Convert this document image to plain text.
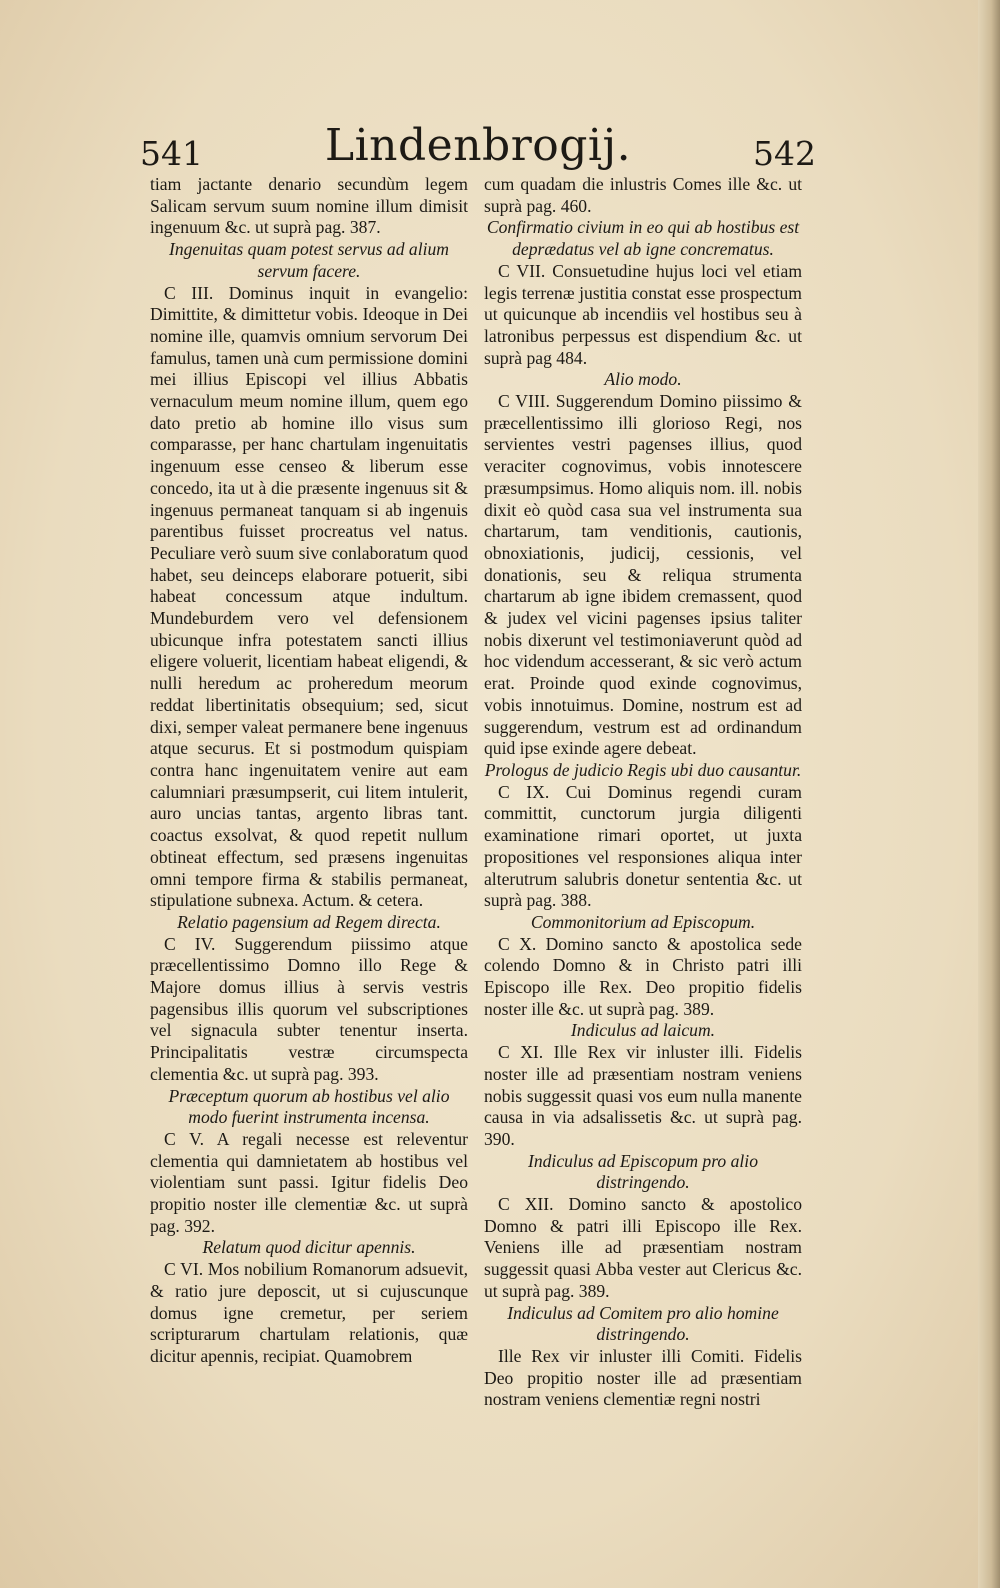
541	Lindenbrogij.	542

tiam jactante denario secundùm legem Salicam servum suum nomine illum dimisit ingenuum &c. ut suprà pag. 387.

Ingenuitas quam potest servus ad alium servum facere.

C III. Dominus inquit in evangelio: Dimittite, & dimittetur vobis. Ideoque in Dei nomine ille, quamvis omnium servorum Dei famulus, tamen unà cum permissione domini mei illius Episcopi vel illius Abbatis vernaculum meum nomine illum, quem ego dato pretio ab homine illo visus sum comparasse, per hanc chartulam ingenuitatis ingenuum esse censeo & liberum esse concedo, ita ut à die præsente ingenuus sit & ingenuus permaneat tanquam si ab ingenuis parentibus fuisset procreatus vel natus. Peculiare verò suum sive conlaboratum quod habet, seu deinceps elaborare potuerit, sibi habeat concessum atque indultum. Mundeburdem vero vel defensionem ubicunque infra potestatem sancti illius eligere voluerit, licentiam habeat eligendi, & nulli heredum ac proheredum meorum reddat libertinitatis obsequium; sed, sicut dixi, semper valeat permanere bene ingenuus atque securus. Et si postmodum quispiam contra hanc ingenuitatem venire aut eam calumniari præsumpserit, cui litem intulerit, auro uncias tantas, argento libras tant. coactus exsolvat, & quod repetit nullum obtineat effectum, sed præsens ingenuitas omni tempore firma & stabilis permaneat, stipulatione subnexa. Actum. & cetera.

Relatio pagensium ad Regem directa.

C IV. Suggerendum piissimo atque præcellentissimo Domno illo Rege & Majore domus illius à servis vestris pagensibus illis quorum vel subscriptiones vel signacula subter tenentur inserta. Principalitatis vestræ circumspecta clementia &c. ut suprà pag. 393.

Præceptum quorum ab hostibus vel alio modo fuerint instrumenta incensa.

C V. A regali necesse est releventur clementia qui damnietatem ab hostibus vel violentiam sunt passi. Igitur fidelis Deo propitio noster ille clementiæ &c. ut suprà pag. 392.

Relatum quod dicitur apennis.

C VI. Mos nobilium Romanorum adsuevit, & ratio jure deposcit, ut si cujuscunque domus igne cremetur, per seriem scripturarum chartulam relationis, quæ dicitur apennis, recipiat. Quamobrem

cum quadam die inlustris Comes ille &c. ut suprà pag. 460.

Confirmatio civium in eo qui ab hostibus est deprædatus vel ab igne concrematus.

C VII. Consuetudine hujus loci vel etiam legis terrenæ justitia constat esse prospectum ut quicunque ab incendiis vel hostibus seu à latronibus perpessus est dispendium &c. ut suprà pag 484.

Alio modo.

C VIII. Suggerendum Domino piissimo & præcellentissimo illi glorioso Regi, nos servientes vestri pagenses illius, quod veraciter cognovimus, vobis innotescere præsumpsimus. Homo aliquis nom. ill. nobis dixit eò quòd casa sua vel instrumenta sua chartarum, tam venditionis, cautionis, obnoxiationis, judicij, cessionis, vel donationis, seu & reliqua strumenta chartarum ab igne ibidem cremassent, quod & judex vel vicini pagenses ipsius taliter nobis dixerunt vel testimoniaverunt quòd ad hoc videndum accesserant, & sic verò actum erat. Proinde quod exinde cognovimus, vobis innotuimus. Domine, nostrum est ad suggerendum, vestrum est ad ordinandum quid ipse exinde agere debeat.

Prologus de judicio Regis ubi duo causantur.

C IX. Cui Dominus regendi curam committit, cunctorum jurgia diligenti examinatione rimari oportet, ut juxta propositiones vel responsiones aliqua inter alterutrum salubris donetur sententia &c. ut suprà pag. 388.

Commonitorium ad Episcopum.

C X. Domino sancto & apostolica sede colendo Domno & in Christo patri illi Episcopo ille Rex. Deo propitio fidelis noster ille &c. ut suprà pag. 389.

Indiculus ad laicum.

C XI. Ille Rex vir inluster illi. Fidelis noster ille ad præsentiam nostram veniens nobis suggessit quasi vos eum nulla manente causa in via adsalissetis &c. ut suprà pag. 390.

Indiculus ad Episcopum pro alio distringendo.

C XII. Domino sancto & apostolico Domno & patri illi Episcopo ille Rex. Veniens ille ad præsentiam nostram suggessit quasi Abba vester aut Clericus &c. ut suprà pag. 389.

Indiculus ad Comitem pro alio homine distringendo.

Ille Rex vir inluster illi Comiti. Fidelis Deo propitio noster ille ad præsentiam nostram veniens clementiæ regni nostri
